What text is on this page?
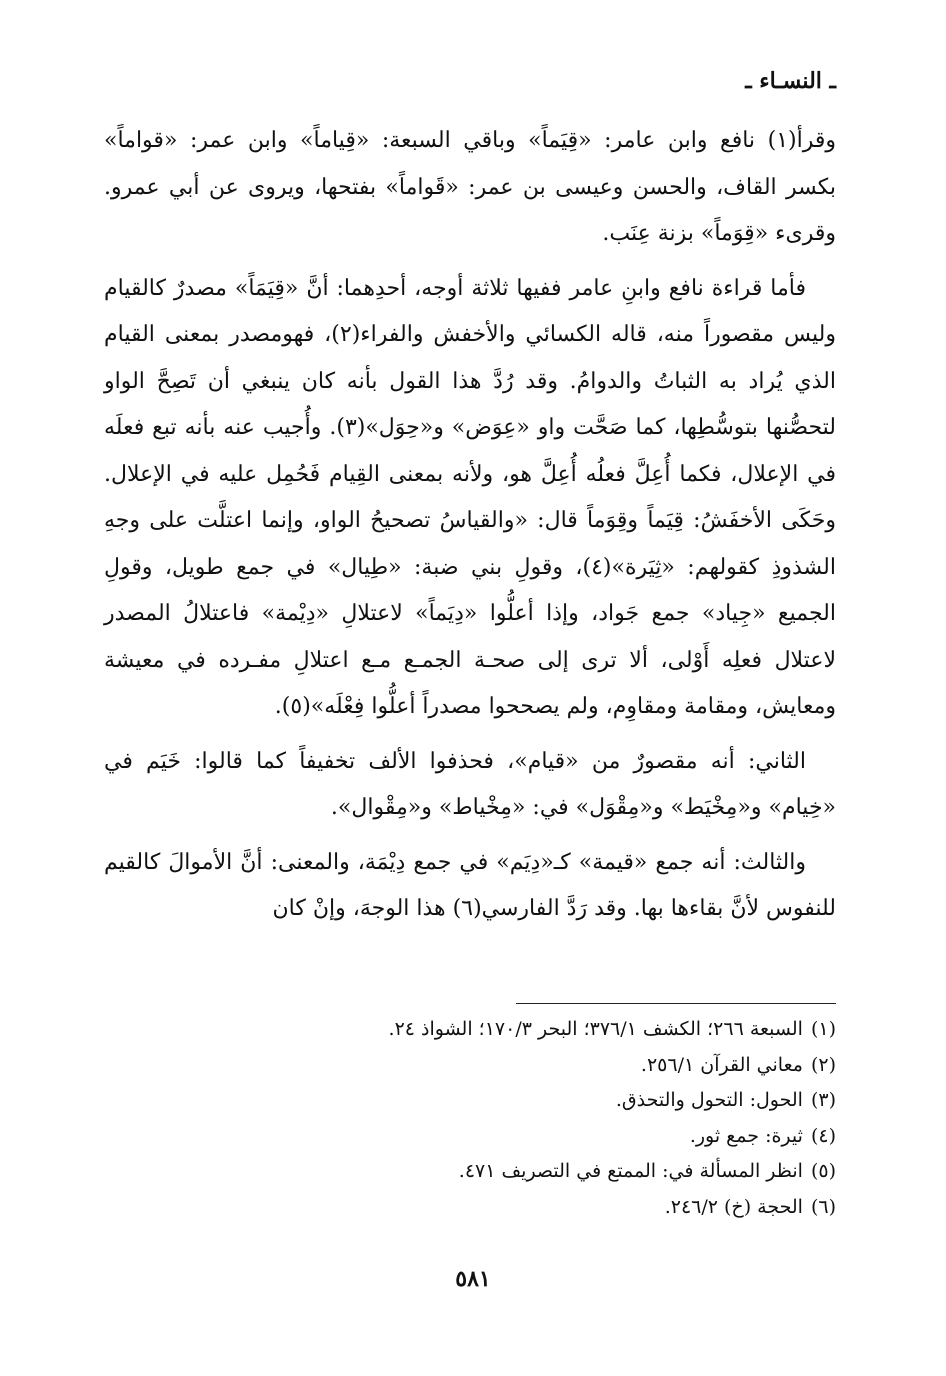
ـ النسـاء ـ

وقرأ(١) نافع وابن عامر: «قِيَماً» وباقي السبعة: «قِياماً» وابن عمر: «قواماً» بكسر القاف، والحسن وعيسى بن عمر: «قَواماً» بفتحها، ويروى عن أبي عمرو. وقرىء «قِوَماً» بزنة عِنَب.

فأما قراءة نافع وابنِ عامر ففيها ثلاثة أوجه، أحدِهما: أنَّ «قِيَمَاً» مصدرٌ كالقيام وليس مقصوراً منه، قاله الكسائي والأخفش والفراء(٢)، فهومصدر بمعنى القيام الذي يُراد به الثباتُ والدوامُ. وقد رُدَّ هذا القول بأنه كان ينبغي أن تَصِحَّ الواو لتحصُّنها بتوسُّطِها، كما صَحَّت واو «عِوَض» و«حِوَل»(٣). وأُجيب عنه بأنه تبع فعلَه في الإعلال، فكما أُعِلَّ فعلُه أُعِلَّ هو، ولأنه بمعنى القِيام فَحُمِل عليه في الإعلال. وحَكَى الأخفَشُ: قِيَماً وقِوَماً قال: «والقياسُ تصحيحُ الواو، وإنما اعتلَّت على وجهِ الشذوذِ كقولهم: «ثِيَرة»(٤)، وقولِ بني ضبة: «طِيال» في جمع طويل، وقولِ الجميع «جِياد» جمع جَواد، وإذا أعلُّوا «دِيَماً» لاعتلالِ «دِيْمة» فاعتلالُ المصدر لاعتلال فعلِه أَوْلى، ألا ترى إلى صحـة الجمـع مـع اعتلالِ مفـرده في معيشة ومعايش، ومقامة ومقاوِم، ولم يصححوا مصدراً أعلُّوا فِعْلَه»(٥).

الثاني: أنه مقصورٌ من «قيام»، فحذفوا الألف تخفيفاً كما قالوا: خَيَم في «خِيام» و«مِخْيَط» و«مِقْوَل» في: «مِخْياط» و«مِقْوال».

والثالث: أنه جمع «قيمة» كـ«دِيَم» في جمع دِيْمَة، والمعنى: أنَّ الأموالَ كالقيم للنفوس لأنَّ بقاءها بها. وقد رَدَّ الفارسي(٦) هذا الوجهَ، وإنْ كان

(١)السبعة ٢٦٦؛ الكشف ٣٧٦/١؛ البحر ١٧٠/٣؛ الشواذ ٢٤.
(٢)معاني القرآن ٢٥٦/١.
(٣)الحول: التحول والتحذق.
(٤)ثيرة: جمع ثور.
(٥)انظر المسألة في: الممتع في التصريف ٤٧١.
(٦)الحجة (خ) ٢٤٦/٢.
٥٨١
